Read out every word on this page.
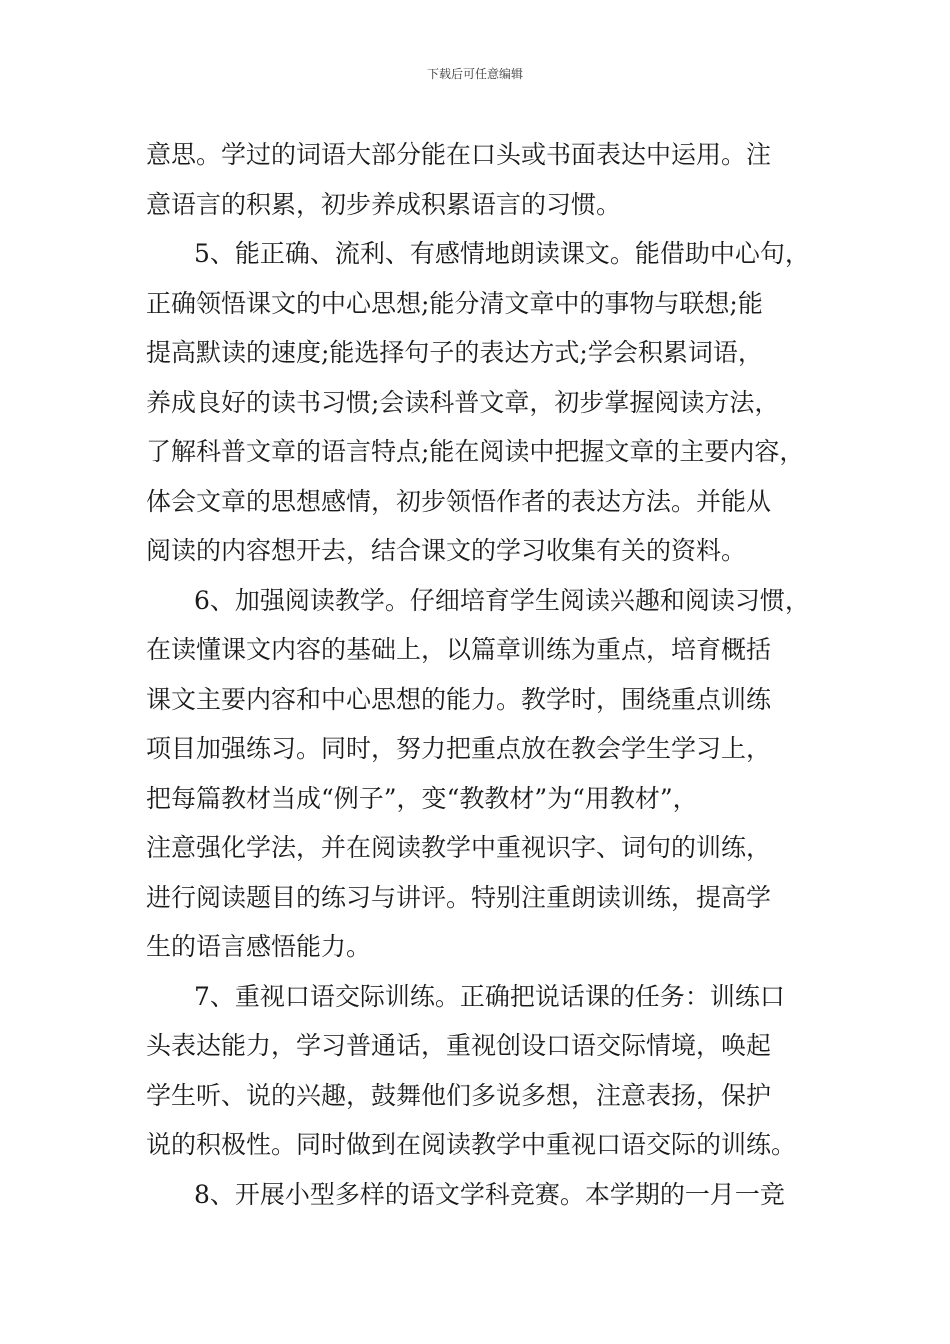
下载后可任意编辑
意思。学过的词语大部分能在口头或书面表达中运用。注
意语言的积累，初步养成积累语言的习惯。
5、能正确、流利、有感情地朗读课文。能借助中心句，
正确领悟课文的中心思想;能分清文章中的事物与联想;能
提高默读的速度;能选择句子的表达方式;学会积累词语，
养成良好的读书习惯;会读科普文章，初步掌握阅读方法，
了解科普文章的语言特点;能在阅读中把握文章的主要内容，
体会文章的思想感情，初步领悟作者的表达方法。并能从
阅读的内容想开去，结合课文的学习收集有关的资料。
6、加强阅读教学。仔细培育学生阅读兴趣和阅读习惯，
在读懂课文内容的基础上，以篇章训练为重点，培育概括
课文主要内容和中心思想的能力。教学时，围绕重点训练
项目加强练习。同时，努力把重点放在教会学生学习上，
把每篇教材当成“例子”，变“教教材”为“用教材”，
注意强化学法，并在阅读教学中重视识字、词句的训练，
进行阅读题目的练习与讲评。特别注重朗读训练，提高学
生的语言感悟能力。
7、重视口语交际训练。正确把说话课的任务：训练口
头表达能力，学习普通话，重视创设口语交际情境，唤起
学生听、说的兴趣，鼓舞他们多说多想，注意表扬，保护
说的积极性。同时做到在阅读教学中重视口语交际的训练。
8、开展小型多样的语文学科竞赛。本学期的一月一竞
